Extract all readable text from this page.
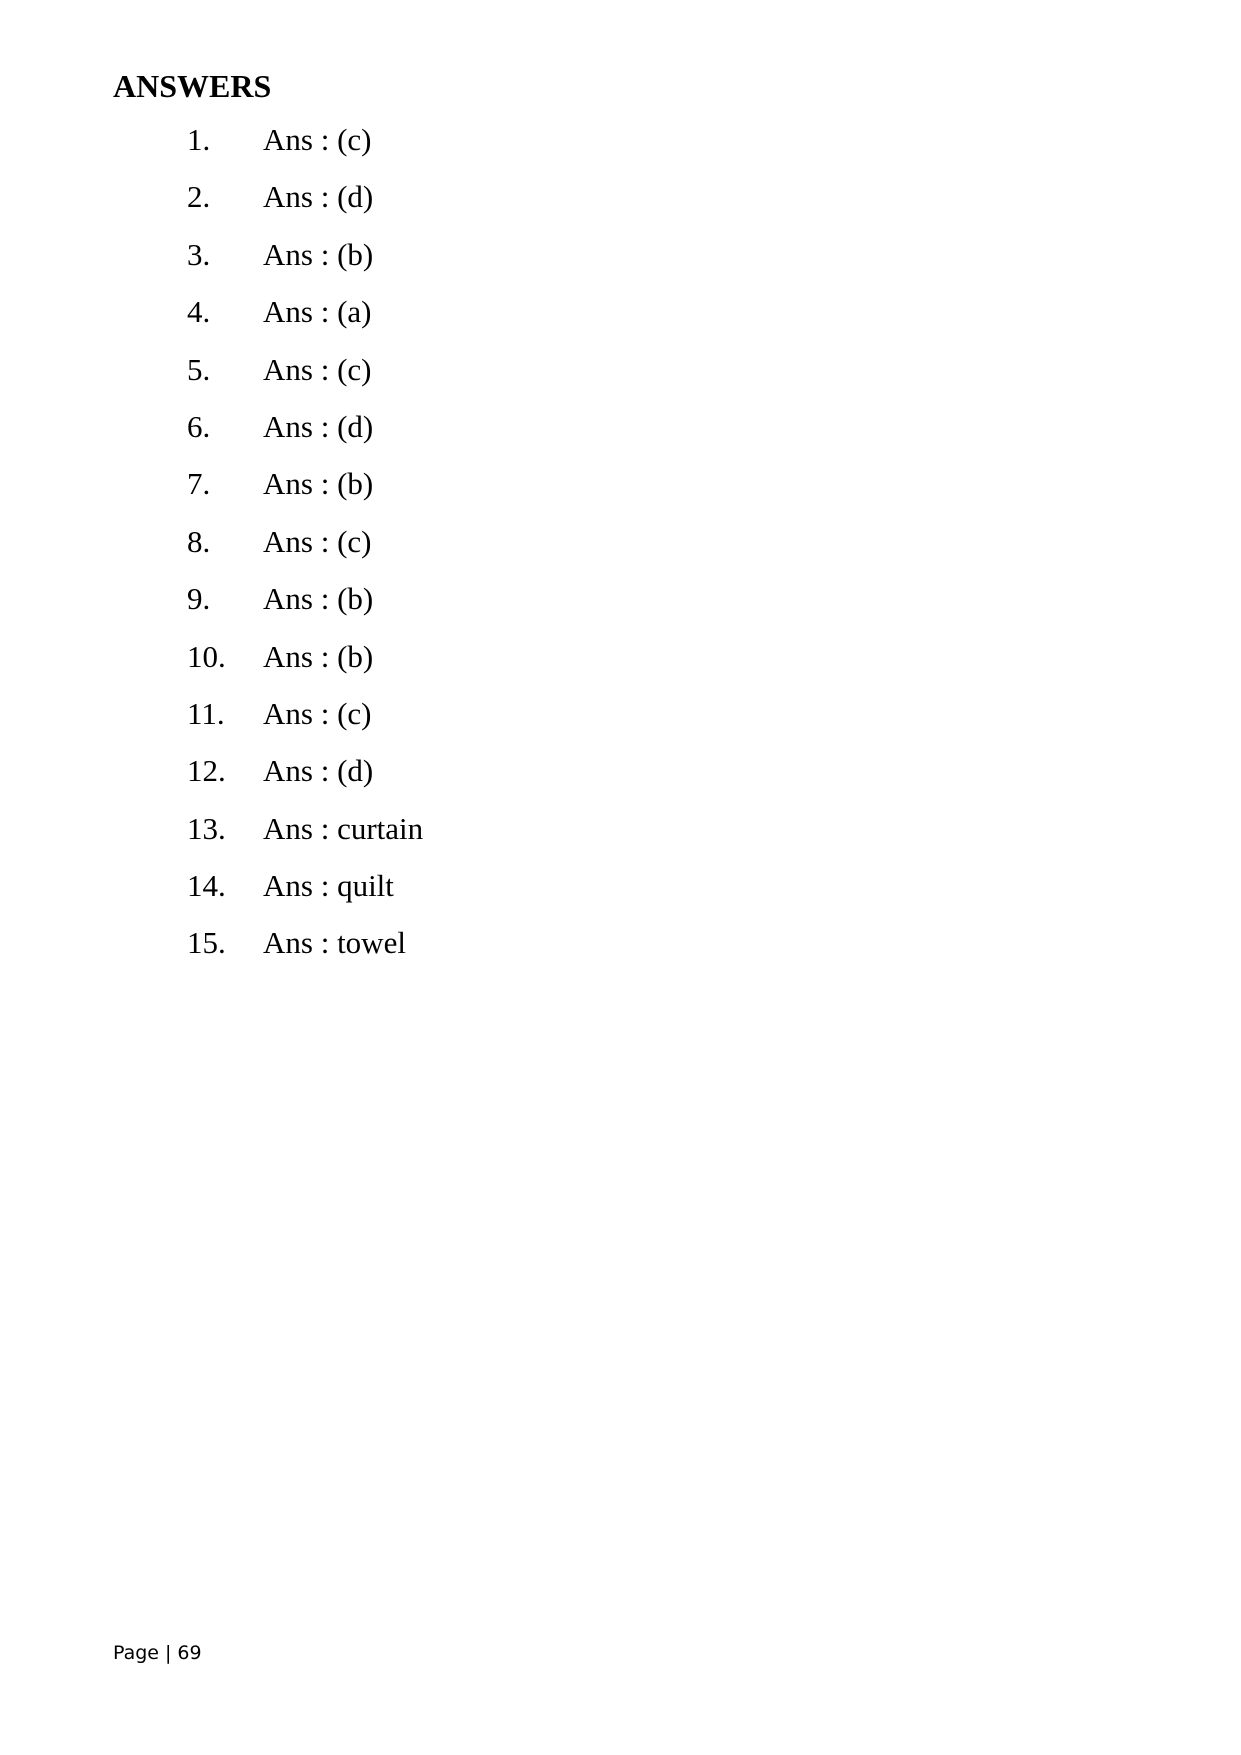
ANSWERS
1.	Ans : (c)
2.	Ans : (d)
3.	Ans : (b)
4.	Ans : (a)
5.	Ans : (c)
6.	Ans : (d)
7.	Ans : (b)
8.	Ans : (c)
9.	Ans : (b)
10.	Ans : (b)
11.	Ans : (c)
12.	Ans : (d)
13.	Ans : curtain
14.	Ans : quilt
15.	Ans : towel
Page | 69
